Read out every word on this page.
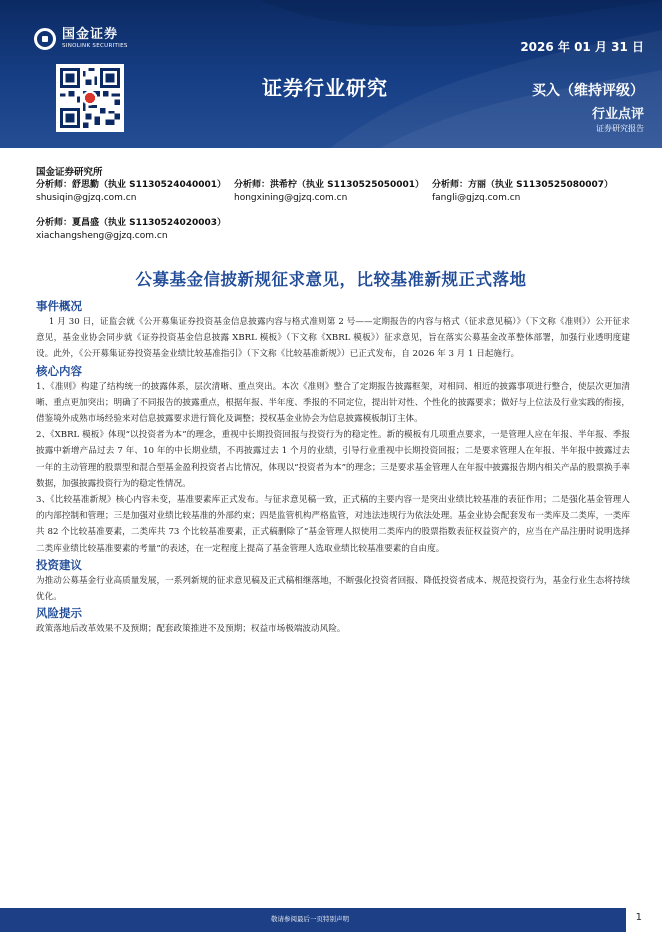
国金证券
SINOLINK SECURITIES	2026 年 01 月 31 日
证券行业研究	买入（维持评级）
行业点评
证券研究报告
国金证券研究所
分析师：舒思勤（执业 S1130524040001）
shusiqin@gjzq.com.cn
分析师：洪希柠（执业 S1130525050001）
hongxining@gjzq.com.cn
分析师：方丽（执业 S1130525080007）
fangli@gjzq.com.cn
分析师：夏昌盛（执业 S1130524020003）
xiachangsheng@gjzq.com.cn
公募基金信披新规征求意见，比较基准新规正式落地
事件概况

1 月 30 日，证监会就《公开募集证券投资基金信息披露内容与格式准则第 2 号——定期报告的内容与格式（征求意见稿）》（下文称《准则》）公开征求意见，基金业协会同步就《证券投资基金信息披露 XBRL 模板》（下文称《XBRL 模板》）征求意见，旨在落实公募基金改革整体部署，加强行业透明度建设。此外，《公开募集证券投资基金业绩比较基准指引》（下文称《比较基准新规》）已正式发布，自 2026 年 3 月 1 日起施行。

核心内容

1、《准则》构建了结构统一的披露体系，层次清晰、重点突出。本次《准则》整合了定期报告披露框架，对相同、相近的披露事项进行整合，使层次更加清晰、重点更加突出；明确了不同报告的披露重点，根据年报、半年度、季报的不同定位，提出针对性、个性化的披露要求；做好与上位法及行业实践的衔接，借鉴境外成熟市场经验来对信息披露要求进行简化及调整；授权基金业协会为信息披露模板制订主体。

2、《XBRL 模板》体现“以投资者为本”的理念，重视中长期投资回报与投资行为的稳定性。新的模板有几项重点要求，一是管理人应在年报、半年报、季报披露中新增产品过去 7 年、10 年的中长期业绩，不再披露过去 1 个月的业绩，引导行业重视中长期投资回报；二是要求管理人在年报、半年报中披露过去一年的主动管理的股票型和混合型基金盈利投资者占比情况，体现以“投资者为本”的理念；三是要求基金管理人在年报中披露报告期内相关产品的股票换手率数据，加强披露投资行为的稳定性情况。

3、《比较基准新规》核心内容未变，基准要素库正式发布。与征求意见稿一致，正式稿的主要内容一是突出业绩比较基准的表征作用；二是强化基金管理人的内部控制和管理；三是加强对业绩比较基准的外部约束；四是监管机构严格监管，对违法违规行为依法处理。基金业协会配套发布一类库及二类库，一类库共 82 个比较基准要素，二类库共 73 个比较基准要素，正式稿删除了“基金管理人拟使用二类库内的股票指数表征权益资产的，应当在产品注册时说明选择二类库业绩比较基准要素的考量”的表述，在一定程度上提高了基金管理人选取业绩比较基准要素的自由度。

投资建议

为推动公募基金行业高质量发展，一系列新规的征求意见稿及正式稿相继落地，不断强化投资者回报、降低投资者成本、规范投资行为，基金行业生态将持续优化。

风险提示

政策落地后改革效果不及预期；配套政策推进不及预期；权益市场极端波动风险。

敬请参阅最后一页特别声明	1
